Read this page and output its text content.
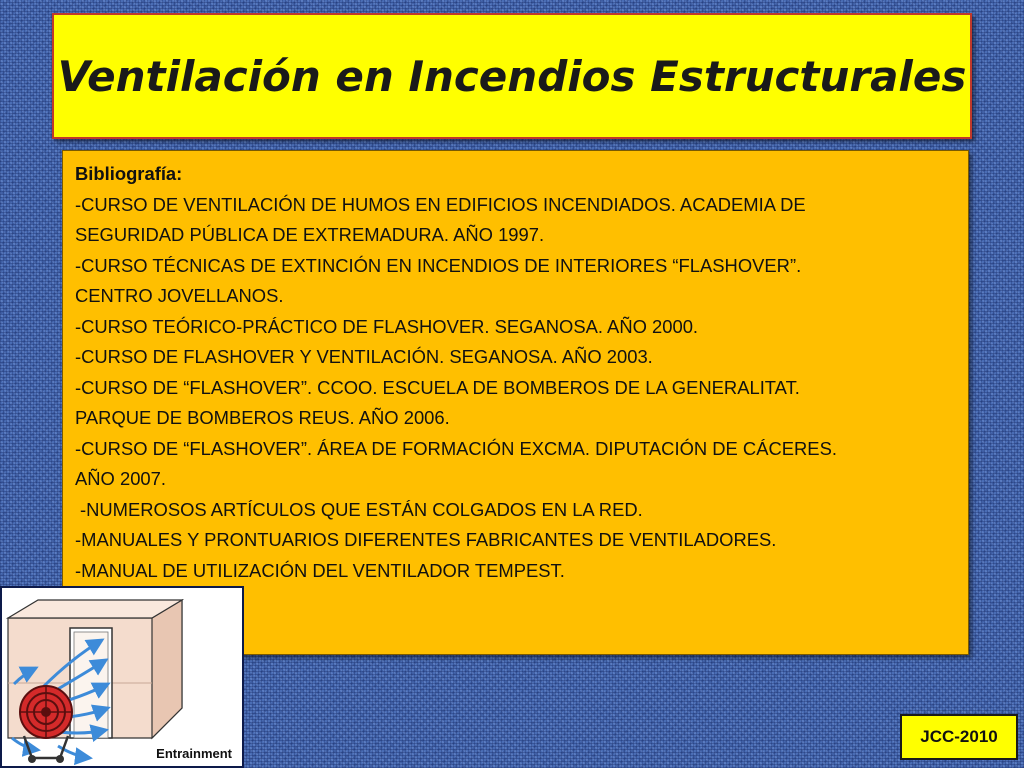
Ventilación en Incendios Estructurales
Bibliografía:
-CURSO DE VENTILACIÓN DE HUMOS EN EDIFICIOS INCENDIADOS. ACADEMIA DE
SEGURIDAD PÚBLICA DE EXTREMADURA. AÑO 1997.
-CURSO TÉCNICAS DE EXTINCIÓN EN INCENDIOS DE INTERIORES “FLASHOVER”.
CENTRO JOVELLANOS.
-CURSO TEÓRICO-PRÁCTICO DE FLASHOVER. SEGANOSA. AÑO 2000.
-CURSO DE FLASHOVER Y VENTILACIÓN. SEGANOSA. AÑO 2003.
-CURSO DE “FLASHOVER”. CCOO. ESCUELA DE BOMBEROS DE LA GENERALITAT.
PARQUE DE BOMBEROS REUS. AÑO 2006.
-CURSO DE “FLASHOVER”. ÁREA DE FORMACIÓN EXCMA. DIPUTACIÓN DE CÁCERES.
AÑO 2007.
-NUMEROSOS ARTÍCULOS QUE ESTÁN COLGADOS EN LA RED.
-MANUALES Y PRONTUARIOS DIFERENTES FABRICANTES DE VENTILADORES.
-MANUAL DE UTILIZACIÓN DEL VENTILADOR TEMPEST.
Entrainment
JCC-2010
